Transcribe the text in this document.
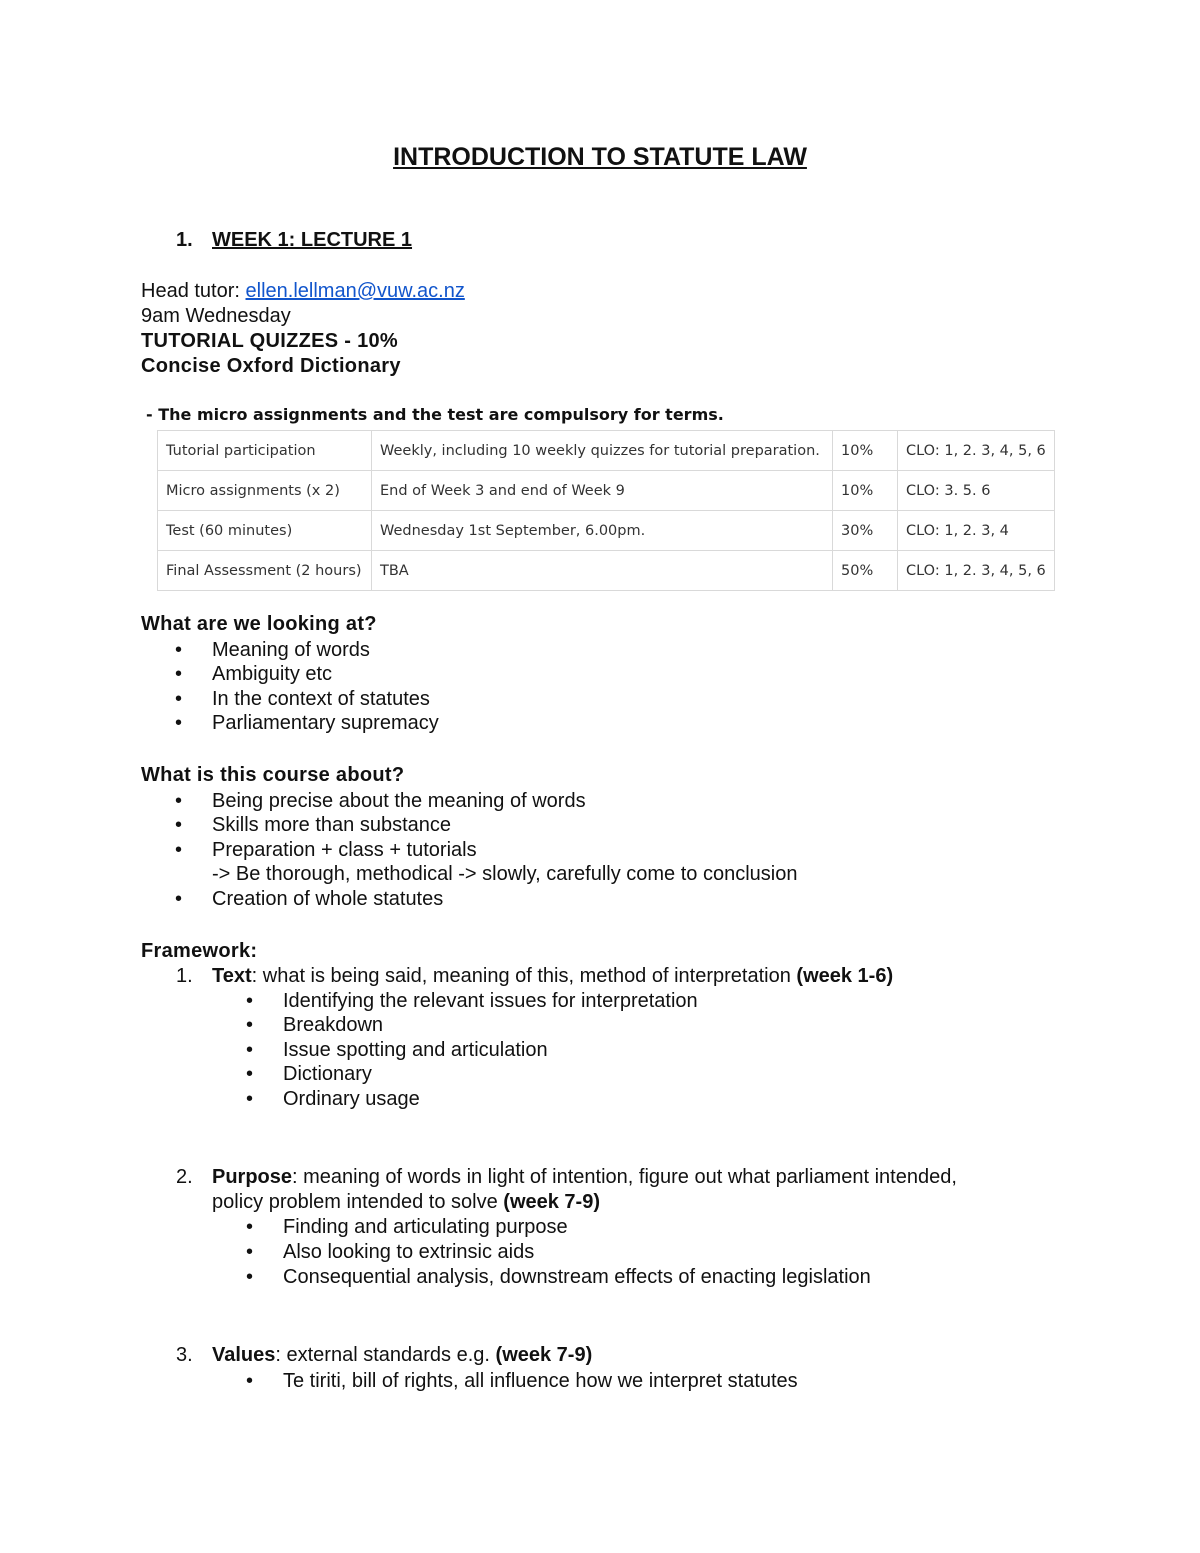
INTRODUCTION TO STATUTE LAW
1. WEEK 1: LECTURE 1
Head tutor: ellen.lellman@vuw.ac.nz
9am Wednesday
TUTORIAL QUIZZES - 10%
Concise Oxford Dictionary
- The micro assignments and the test are compulsory for terms.
Tutorial participation	Weekly, including 10 weekly quizzes for tutorial preparation.	10%	CLO: 1, 2. 3, 4, 5, 6
Micro assignments (x 2)	End of Week 3 and end of Week 9	10%	CLO: 3. 5. 6
Test (60 minutes)	Wednesday 1st September, 6.00pm.	30%	CLO: 1, 2. 3, 4
Final Assessment (2 hours)	TBA	50%	CLO: 1, 2. 3, 4, 5, 6
What are we looking at?
• Meaning of words
• Ambiguity etc
• In the context of statutes
• Parliamentary supremacy
What is this course about?
• Being precise about the meaning of words
• Skills more than substance
• Preparation + class + tutorials
-> Be thorough, methodical -> slowly, carefully come to conclusion
• Creation of whole statutes
Framework:
1. Text: what is being said, meaning of this, method of interpretation (week 1-6)
• Identifying the relevant issues for interpretation
• Breakdown
• Issue spotting and articulation
• Dictionary
• Ordinary usage
2. Purpose: meaning of words in light of intention, figure out what parliament intended,
policy problem intended to solve (week 7-9)
• Finding and articulating purpose
• Also looking to extrinsic aids
• Consequential analysis, downstream effects of enacting legislation
3. Values: external standards e.g. (week 7-9)
• Te tiriti, bill of rights, all influence how we interpret statutes
